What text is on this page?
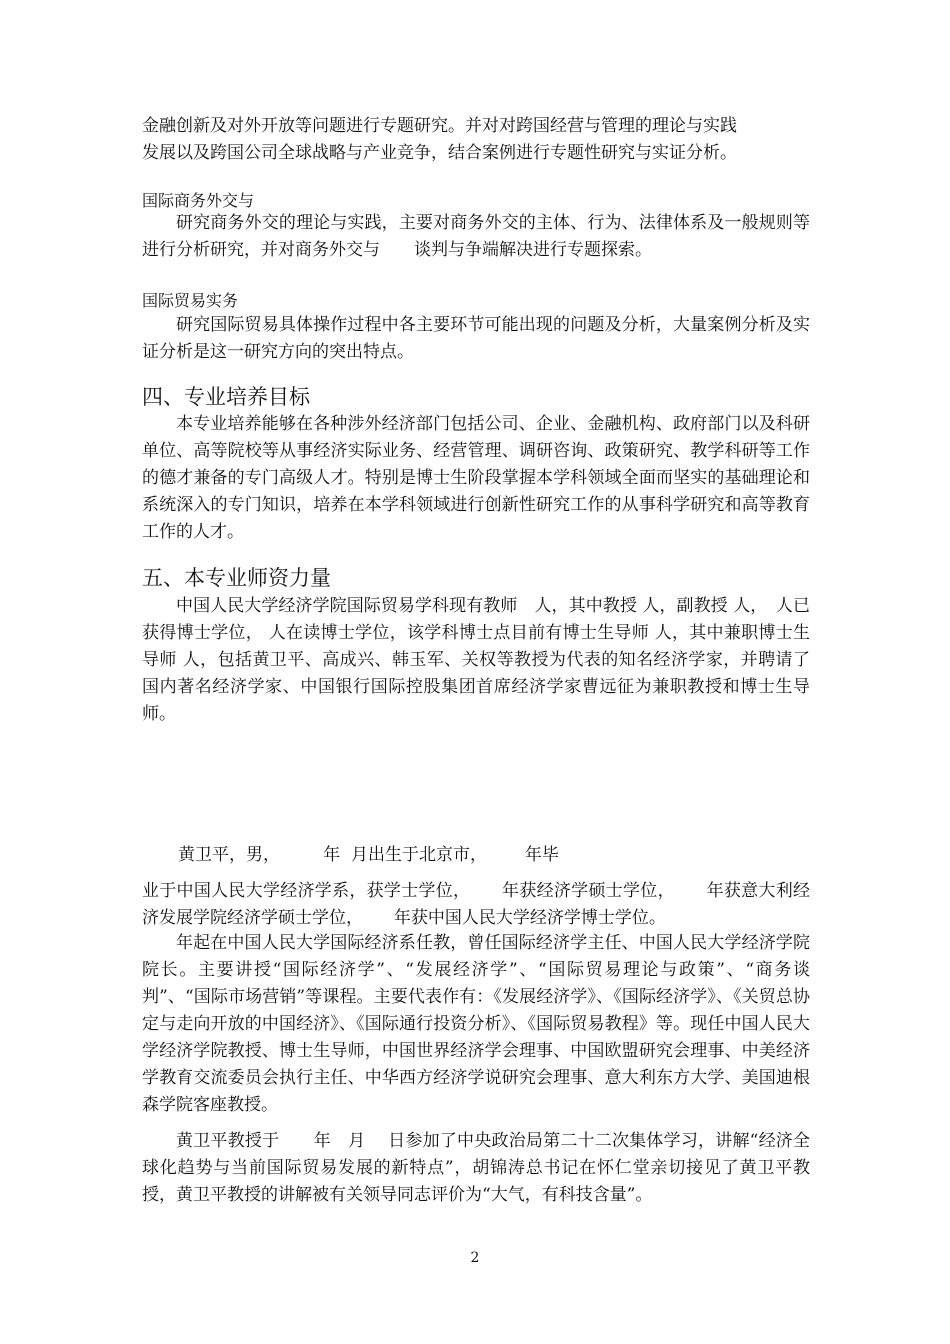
金融创新及对外开放等问题进行专题研究。并对对跨国经营与管理的理论与实践

发展以及跨国公司全球战略与产业竞争，结合案例进行专题性研究与实证分析。

国际商务外交与
研究商务外交的理论与实践，主要对商务外交的主体、行为、法律体系及一般规则等进行分析研究，并对商务外交与　　谈判与争端解决进行专题探索。
国际贸易实务
研究国际贸易具体操作过程中各主要环节可能出现的问题及分析，大量案例分析及实证分析是这一研究方向的突出特点。
四、专业培养目标
本专业培养能够在各种涉外经济部门包括公司、企业、金融机构、政府部门以及科研单位、高等院校等从事经济实际业务、经营管理、调研咨询、政策研究、教学科研等工作的德才兼备的专门高级人才。特别是博士生阶段掌握本学科领域全面而坚实的基础理论和系统深入的专门知识，培养在本学科领域进行创新性研究工作的从事科学研究和高等教育工作的人才。
五、本专业师资力量
中国人民大学经济学院国际贸易学科现有教师　人，其中教授 人，副教授 人，　人已获得博士学位， 人在读博士学位，该学科博士点目前有博士生导师 人，其中兼职博士生导师 人，包括黄卫平、高成兴、韩玉军、关权等教授为代表的知名经济学家，并聘请了国内著名经济学家、中国银行国际控股集团首席经济学家曹远征为兼职教授和博士生导师。
黄卫平，男，        年  月出生于北京市，       年毕
业于中国人民大学经济学系，获学士学位，　　 年获经济学硕士学位，　　 年获意大利经济发展学院经济学硕士学位，　　 年获中国人民大学经济学博士学位。
年起在中国人民大学国际经济系任教，曾任国际经济学主任、中国人民大学经济学院院长。主要讲授“国际经济学”、“发展经济学”、“国际贸易理论与政策”、“商务谈判”、“国际市场营销”等课程。主要代表作有：《发展经济学》、《国际经济学》、《关贸总协定与走向开放的中国经济》、《国际通行投资分析》、《国际贸易教程》等。现任中国人民大学经济学院教授、博士生导师，中国世界经济学会理事、中国欧盟研究会理事、中美经济学教育交流委员会执行主任、中华西方经济学说研究会理事、意大利东方大学、美国迪根森学院客座教授。
黄卫平教授于　　年　月　 日参加了中央政治局第二十二次集体学习，讲解“经济全球化趋势与当前国际贸易发展的新特点”，胡锦涛总书记在怀仁堂亲切接见了黄卫平教授，黄卫平教授的讲解被有关领导同志评价为“大气，有科技含量”。
2
